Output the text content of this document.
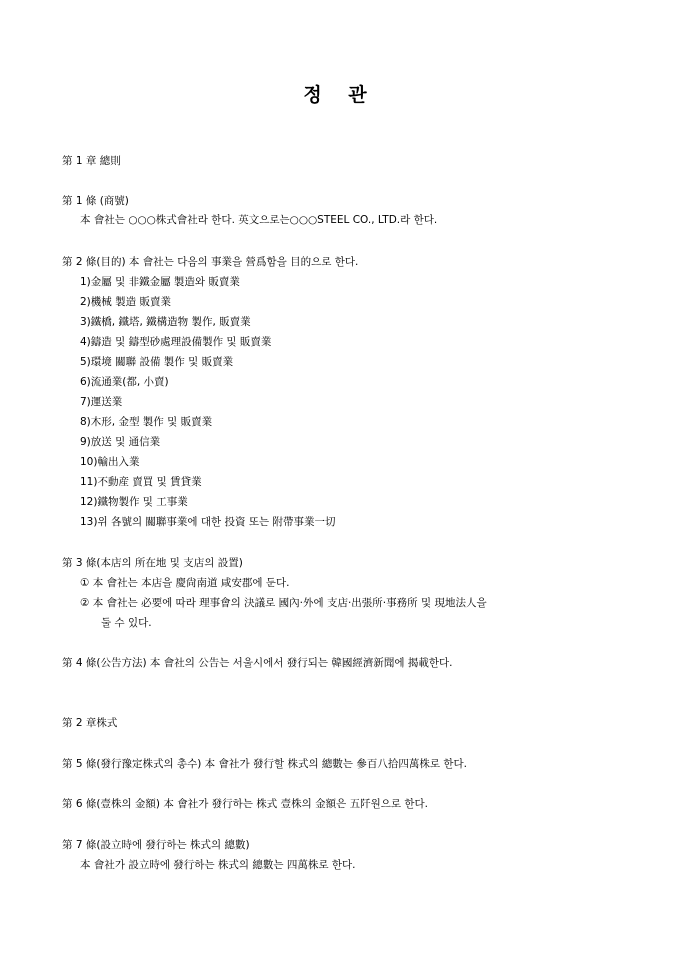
정 관
第 1 章 總則
第 1 條 (商號)
本 會社는 ○○○株式會社라 한다. 英文으로는○○○STEEL CO., LTD.라 한다.
第 2 條(目的) 本 會社는 다음의 事業을 營爲함을 目的으로 한다.
1)金屬 및 非鐵金屬 製造와 販賣業
2)機械 製造 販賣業
3)鐵橋, 鐵塔, 鐵構造物 製作, 販賣業
4)鑄造 및 鑄型砂處理設備製作 및 販賣業
5)環境 關聯 設備 製作 및 販賣業
6)流通業(都, 小賣)
7)運送業
8)木形, 金型 製作 및 販賣業
9)放送 및 通信業
10)輸出入業
11)不動産 賣買 및 賃貸業
12)鐵物製作 및 工事業
13)위 各號의 關聯事業에 대한 投資 또는 附帶事業一切
第 3 條(本店의 所在地 및 支店의 設置)
① 本 會社는 本店을 慶尙南道 咸安郡에 둔다.
② 本 會社는 必要에 따라 理事會의 決議로 國內·外에 支店·出張所·事務所 및 現地法人을
둘 수 있다.
第 4 條(公告方法) 本 會社의 公告는 서울시에서 發行되는 韓國經濟新聞에 揭載한다.
第 2 章株式
第 5 條(發行豫定株式의 총수) 本 會社가 發行할 株式의 總數는 參百八拾四萬株로 한다.
第 6 條(壹株의 金額) 本 會社가 發行하는 株式 壹株의 金額은 五阡원으로 한다.
第 7 條(設立時에 發行하는 株式의 總數)
本 會社가 設立時에 發行하는 株式의 總數는 四萬株로 한다.
